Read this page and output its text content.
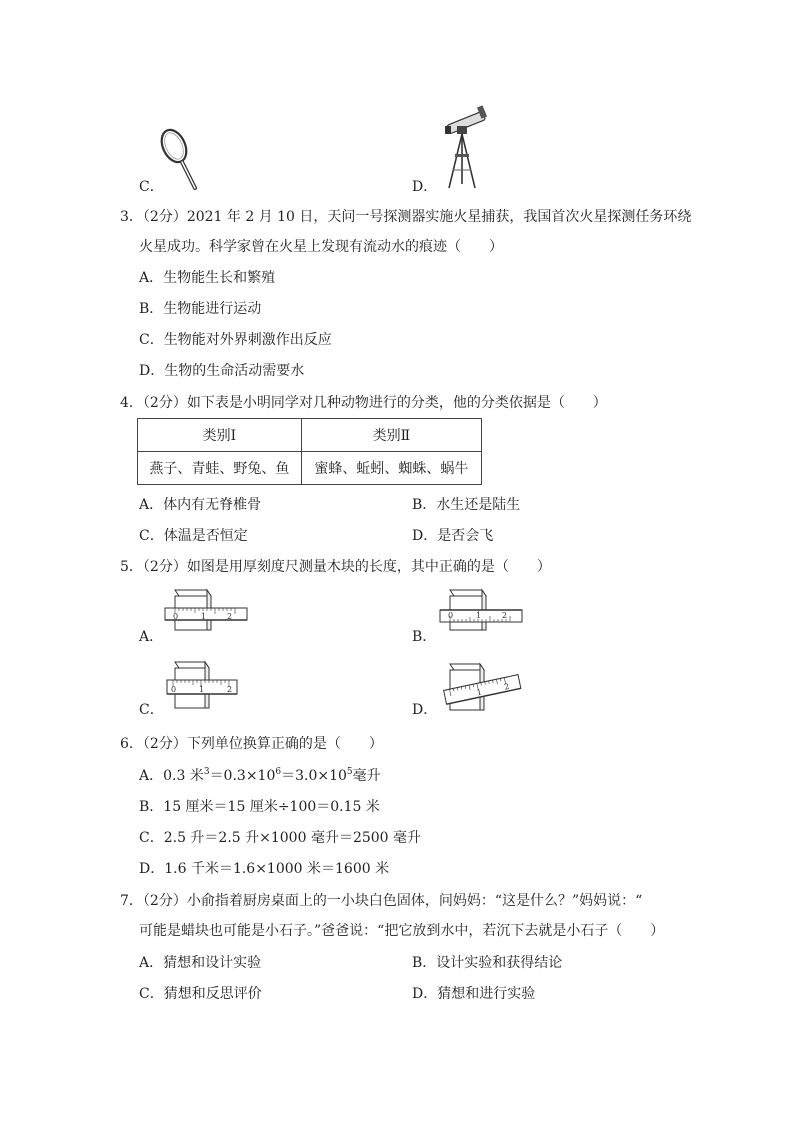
C．	D．
3．（2分）2021 年 2 月 10 日，天问一号探测器实施火星捕获，我国首次火星探测任务环绕
火星成功。科学家曾在火星上发现有流动水的痕迹（　　）
A．生物能生长和繁殖
B．生物能进行运动
C．生物能对外界刺激作出反应
D．生物的生命活动需要水
4．（2分）如下表是小明同学对几种动物进行的分类，他的分类依据是（　　）
类别Ⅰ	类别Ⅱ
燕子、青蛙、野兔、鱼	蜜蜂、蚯蚓、蜘蛛、蜗牛
A．体内有无脊椎骨	B．水生还是陆生
C．体温是否恒定	D．是否会飞
5．（2分）如图是用厚刻度尺测量木块的长度，其中正确的是（　　）
A．
0	1	2
B．
0	1	2
C．
0	1	2
D．
1
2
6．（2分）下列单位换算正确的是（　　）
A．0.3 米$^3=0.3\times 10^6=3.0\times 10^5$毫升
B．15 厘米＝15 厘米÷100＝0.15 米
C．2.5 升＝2.5 升×1000 毫升＝2500 毫升
D．1.6 千米＝1.6×1000 米＝1600 米
7．（2分）小俞指着厨房桌面上的一小块白色固体，问妈妈：“这是什么？”妈妈说：“
可能是蜡块也可能是小石子。”爸爸说：“把它放到水中，若沉下去就是小石子（　　）
A．猜想和设计实验	B．设计实验和获得结论
C．猜想和反思评价	D．猜想和进行实验
